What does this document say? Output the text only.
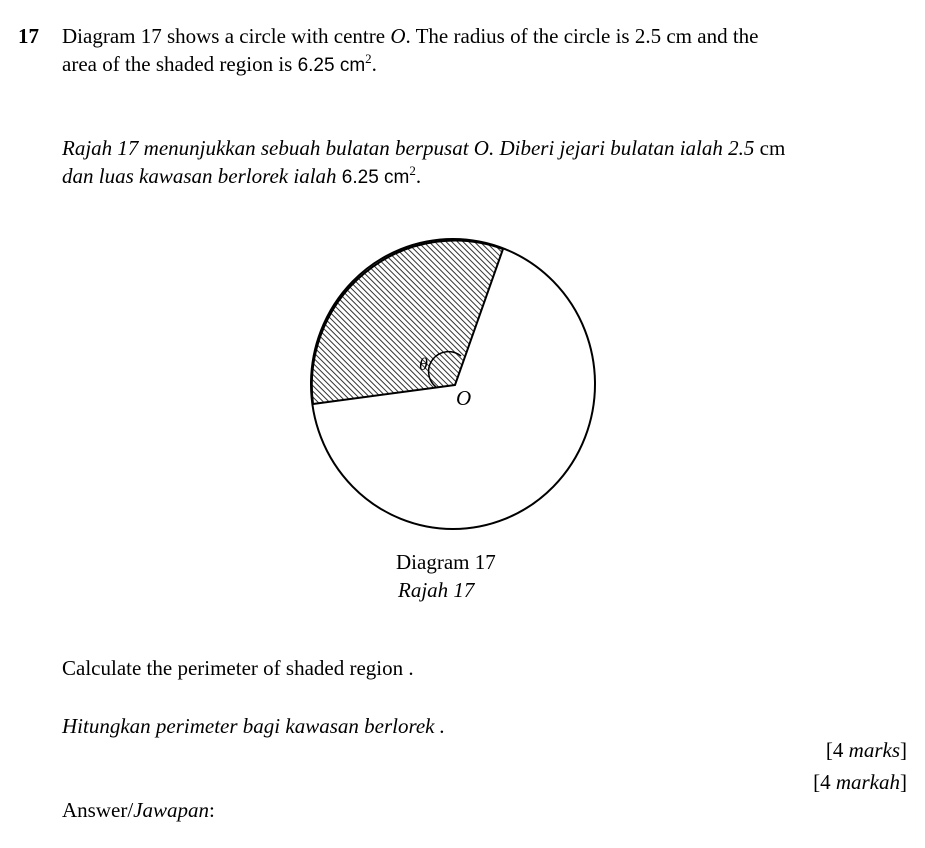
17 Diagram 17 shows a circle with centre O. The radius of the circle is 2.5 cm and the
area of the shaded region is 6.25 $cm^2$.
Rajah 17 menunjukkan sebuah bulatan berpusat O. Diberi jejari bulatan ialah 2.5 cm
dan luas kawasan berlorek ialah 6.25 $cm^2$.
θ
O
Diagram 17
Rajah 17
Calculate the perimeter of shaded region .
Hitungkan perimeter bagi kawasan berlorek .
[4 marks]
[4 markah]
Answer/Jawapan:
